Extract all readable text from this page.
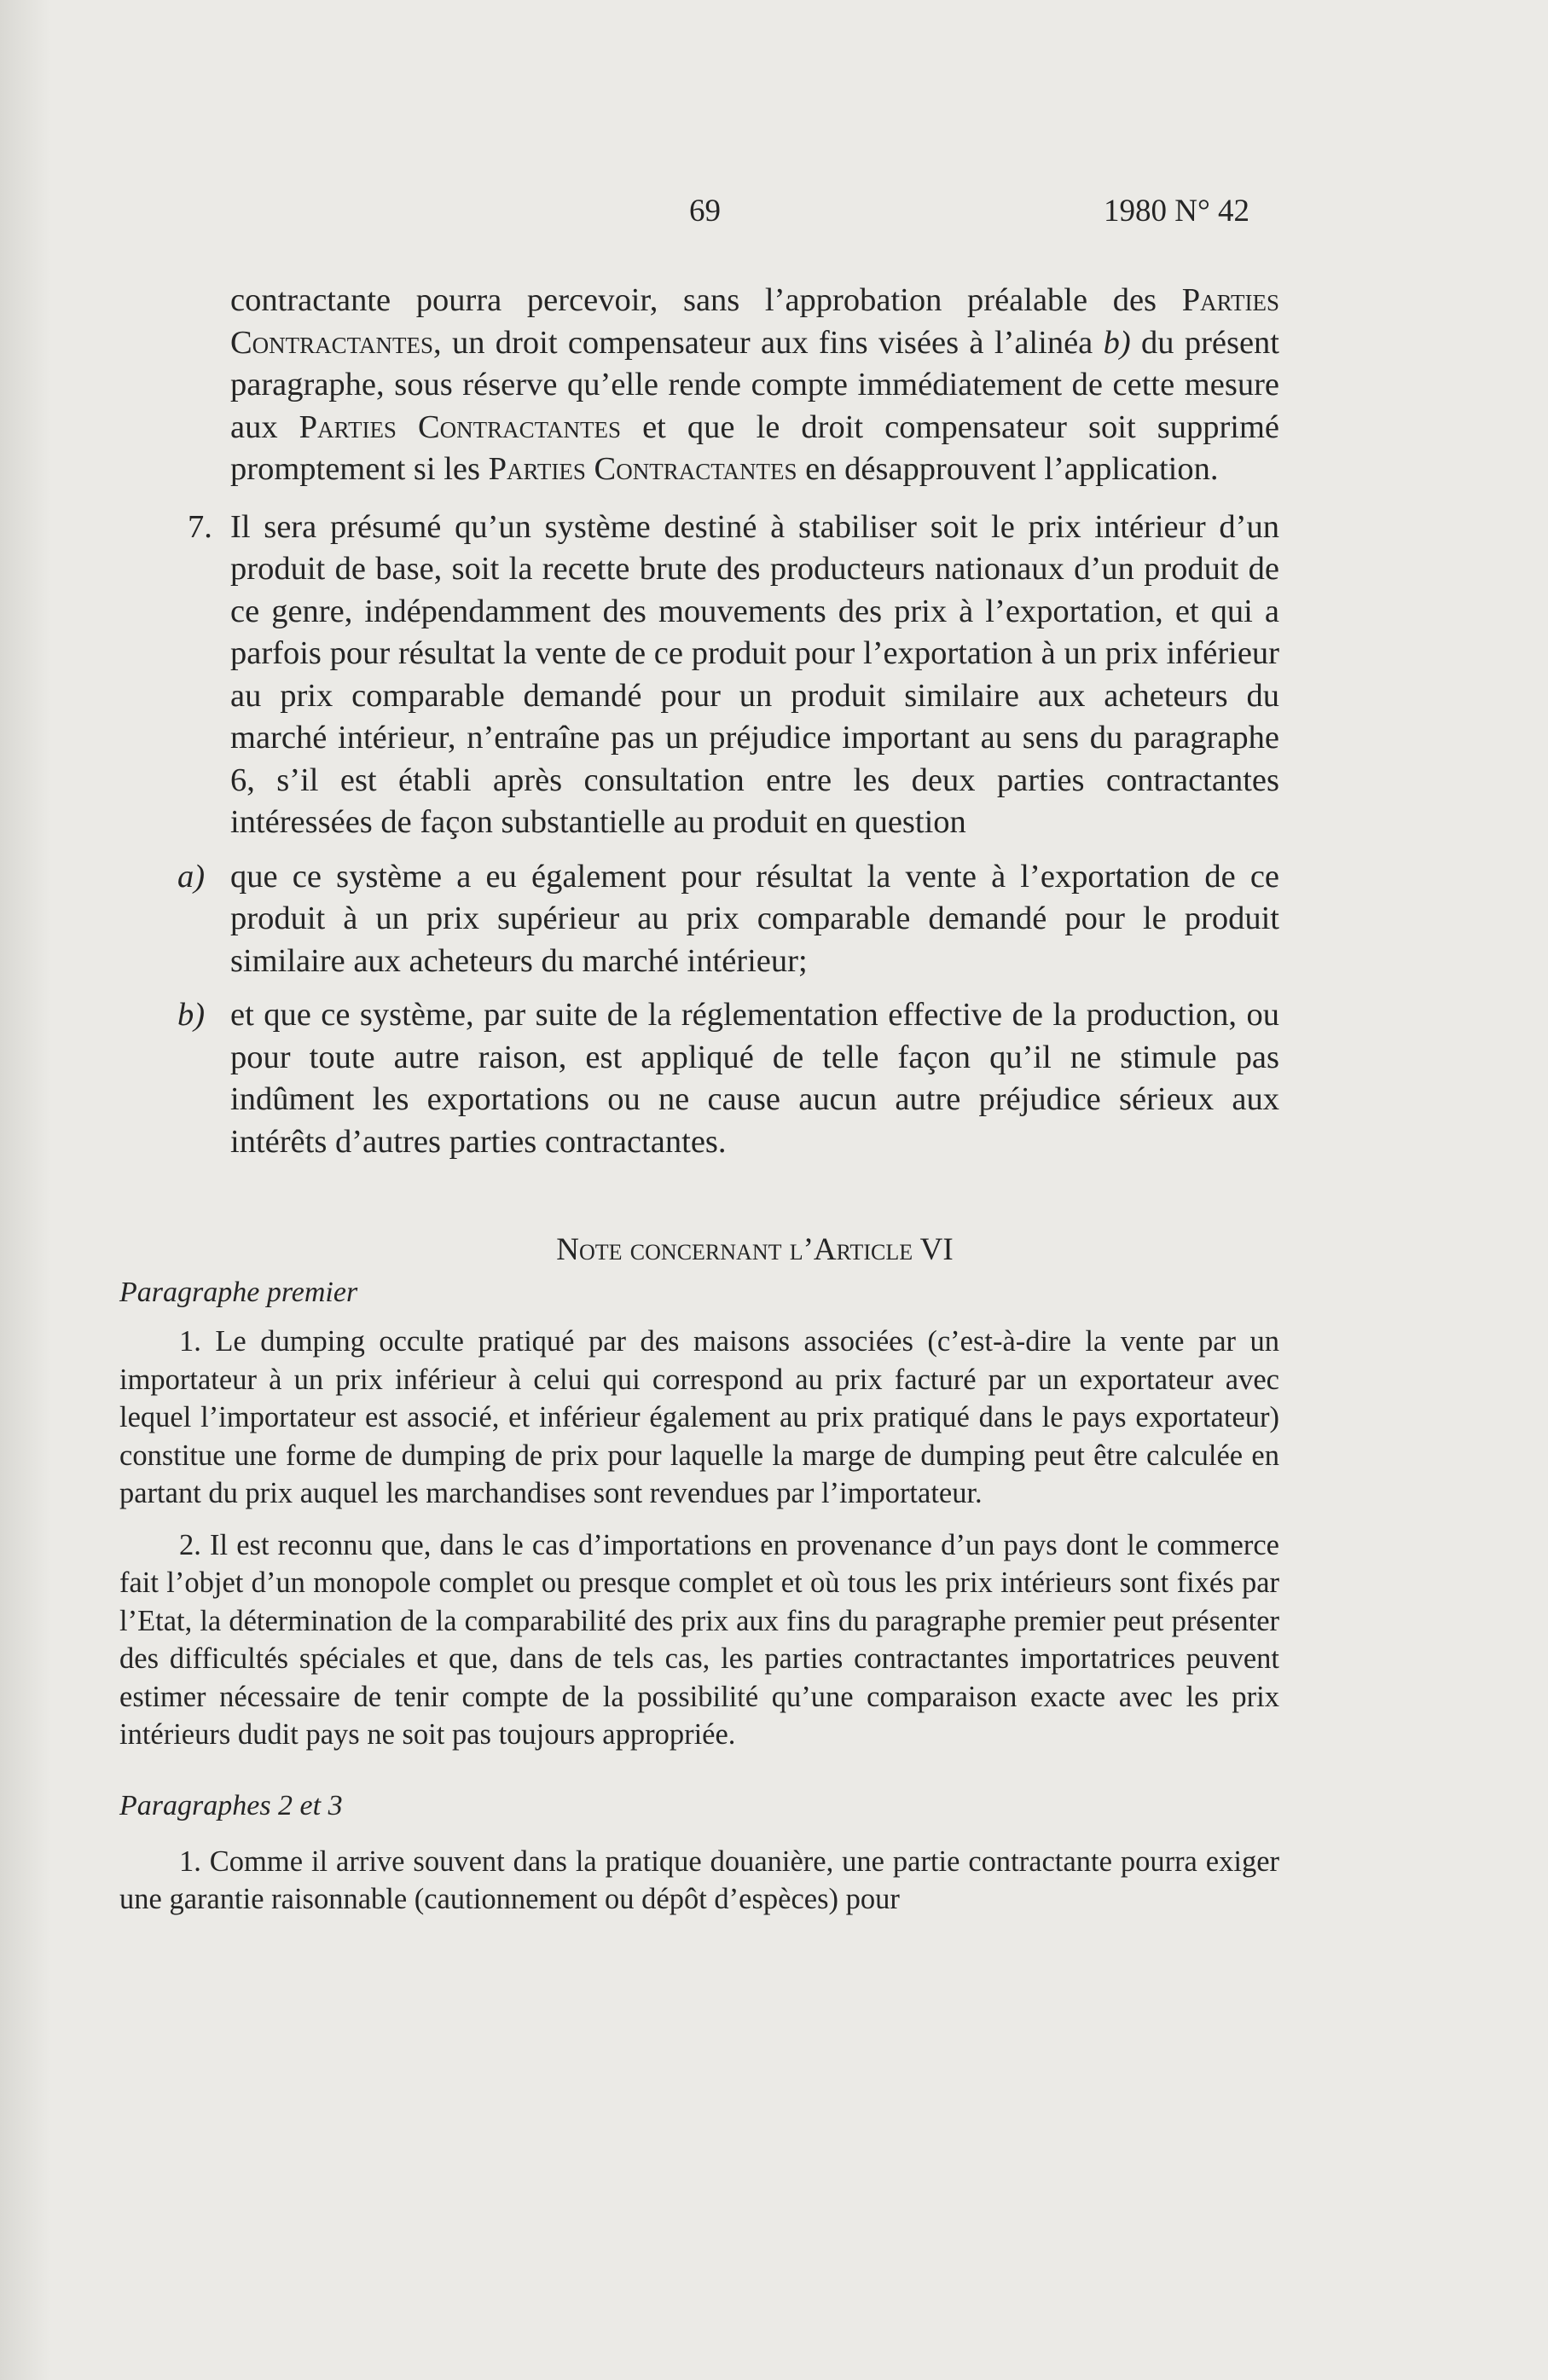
69	1980 N° 42

contractante pourra percevoir, sans l’approbation préalable des Parties Contractantes, un droit compensateur aux fins visées à l’alinéa b) du présent paragraphe, sous réserve qu’elle rende compte immédiatement de cette mesure aux Parties Contractantes et que le droit compensateur soit supprimé promptement si les Parties Contractantes en désapprouvent l’application.

7. Il sera présumé qu’un système destiné à stabiliser soit le prix intérieur d’un produit de base, soit la recette brute des producteurs nationaux d’un produit de ce genre, indépendamment des mouvements des prix à l’exportation, et qui a parfois pour résultat la vente de ce produit pour l’exportation à un prix inférieur au prix comparable demandé pour un produit similaire aux acheteurs du marché intérieur, n’entraîne pas un préjudice important au sens du paragraphe 6, s’il est établi après consultation entre les deux parties contractantes intéressées de façon substantielle au produit en question

a) que ce système a eu également pour résultat la vente à l’exportation de ce produit à un prix supérieur au prix comparable demandé pour le produit similaire aux acheteurs du marché intérieur;

b) et que ce système, par suite de la réglementation effective de la production, ou pour toute autre raison, est appliqué de telle façon qu’il ne stimule pas indûment les exportations ou ne cause aucun autre préjudice sérieux aux intérêts d’autres parties contractantes.

Note concernant l’Article VI

Paragraphe premier

1. Le dumping occulte pratiqué par des maisons associées (c’est-à-dire la vente par un importateur à un prix inférieur à celui qui correspond au prix facturé par un exportateur avec lequel l’importateur est associé, et inférieur également au prix pratiqué dans le pays exportateur) constitue une forme de dumping de prix pour laquelle la marge de dumping peut être calculée en partant du prix auquel les marchandises sont revendues par l’importateur.

2. Il est reconnu que, dans le cas d’importations en provenance d’un pays dont le commerce fait l’objet d’un monopole complet ou presque complet et où tous les prix intérieurs sont fixés par l’Etat, la détermination de la comparabilité des prix aux fins du paragraphe premier peut présenter des difficultés spéciales et que, dans de tels cas, les parties contractantes importatrices peuvent estimer nécessaire de tenir compte de la possibilité qu’une comparaison exacte avec les prix intérieurs dudit pays ne soit pas toujours appropriée.

Paragraphes 2 et 3

1. Comme il arrive souvent dans la pratique douanière, une partie contractante pourra exiger une garantie raisonnable (cautionnement ou dépôt d’espèces) pour
